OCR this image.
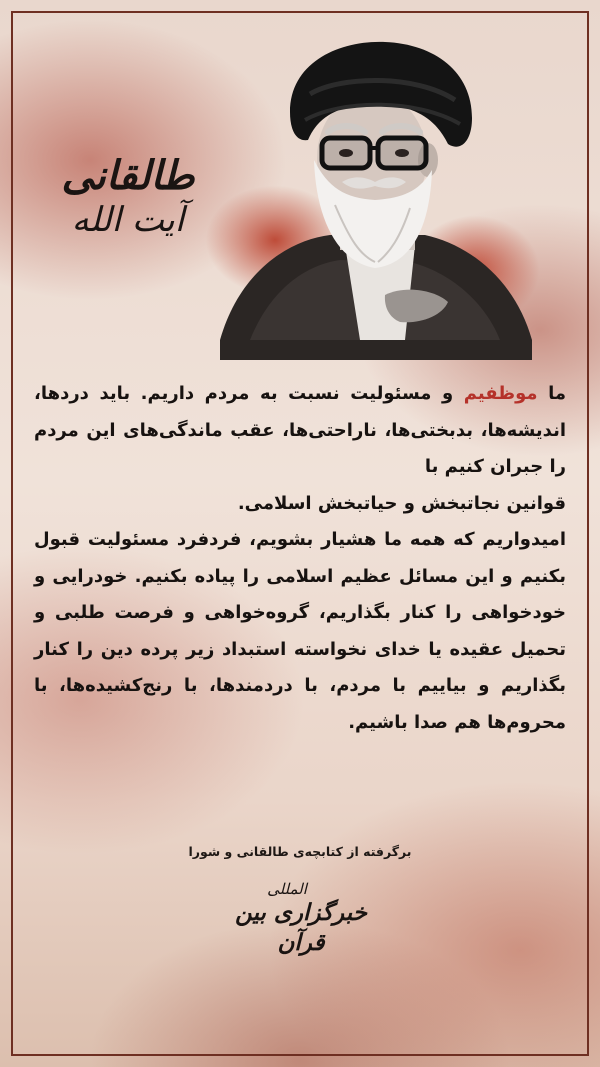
طالقانی
آیت الله

ما موظفیم و مسئولیت نسبت به مردم داریم. باید دردها، اندیشه‌ها، بدبختی‌ها، ناراحتی‌ها، عقب ماندگی‌های این مردم را جبران کنیم با
قوانین نجاتبخش و حیاتبخش اسلامی.

امیدواریم که همه ما هشیار بشویم، فردفرد مسئولیت قبول بکنیم و این مسائل عظیم اسلامی را پیاده بکنیم. خودرایی و خودخواهی را کنار بگذاریم، گروه‌خواهی و فرصت طلبی و تحمیل عقیده یا خدای نخواسته استبداد زیر پرده دین را کنار بگذاریم و بیاییم با مردم، با دردمندها، با رنج‌کشیده‌ها، با محروم‌ها هم صدا باشیم.

برگرفته از کتابچه‌ی طالقانی و شورا
المللی
خبرگزاری بین قرآن
